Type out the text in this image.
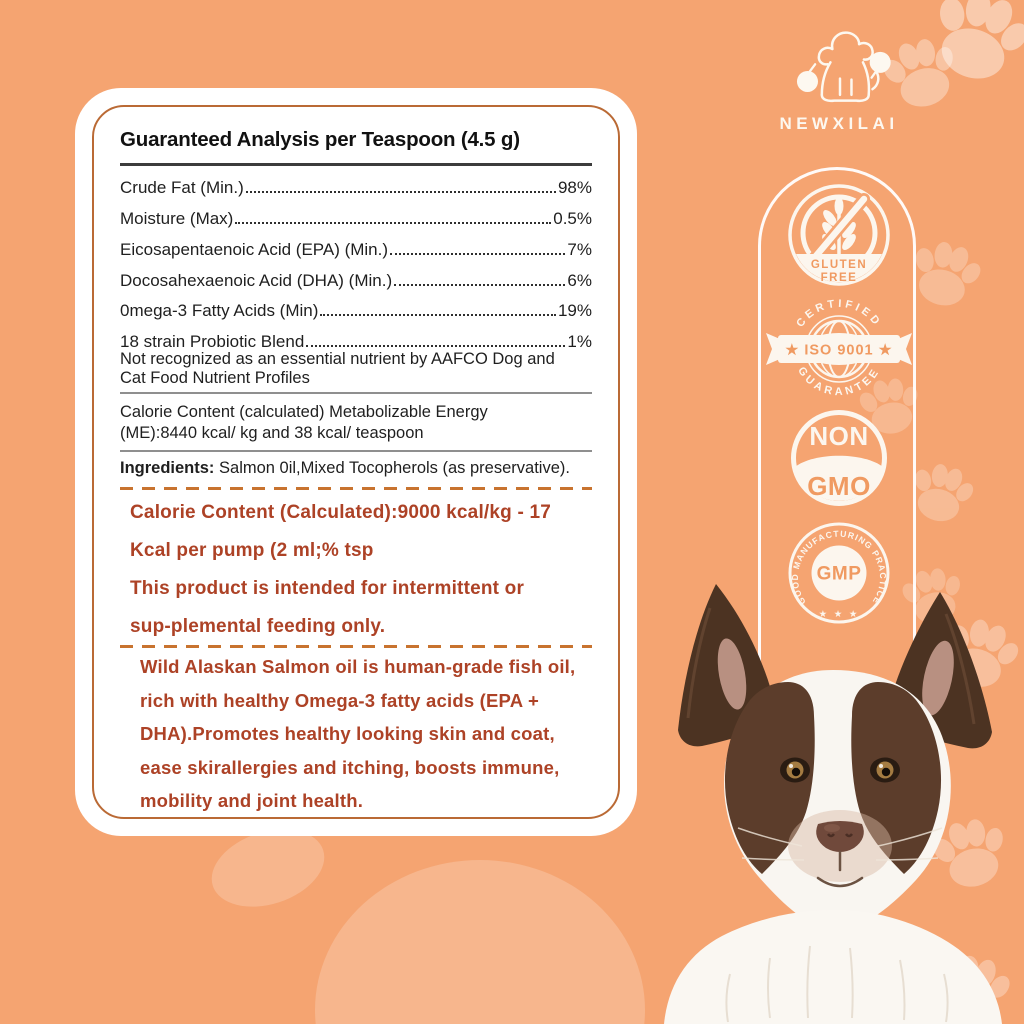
NEWXILAI
GLUTEN
FREE
CERTIFIED
GUARANTEE
★ ISO 9001 ★
NON
GMO
GOOD MANUFACTURING PRACTICE
GMP
★ ★ ★
Guaranteed Analysis per Teaspoon (4.5 g)
Crude Fat (Min.)	98%
Moisture (Max)	0.5%
Eicosapentaenoic Acid (EPA) (Min.)	7%
Docosahexaenoic Acid (DHA) (Min.)	6%
0mega-3 Fatty Acids (Min)	19%
18 strain Probiotic Blend	1%
Not recognized as an essential nutrient by AAFCO Dog and Cat Food Nutrient Profiles
Calorie Content (calculated) Metabolizable Energy (ME):8440 kcal/ kg and 38 kcal/ teaspoon
Ingredients: Salmon 0il,Mixed Tocopherols (as preservative).
Calorie Content (Calculated):9000 kcal/kg - 17
Kcal per pump (2 ml;% tsp
This product is intended for intermittent or
sup-plemental feeding only.
Wild Alaskan Salmon oil is human-grade fish oil,
rich with healthy Omega-3 fatty acids (EPA +
DHA).Promotes healthy looking skin and coat,
ease skirallergies and itching, boosts immune,
mobility and joint health.
